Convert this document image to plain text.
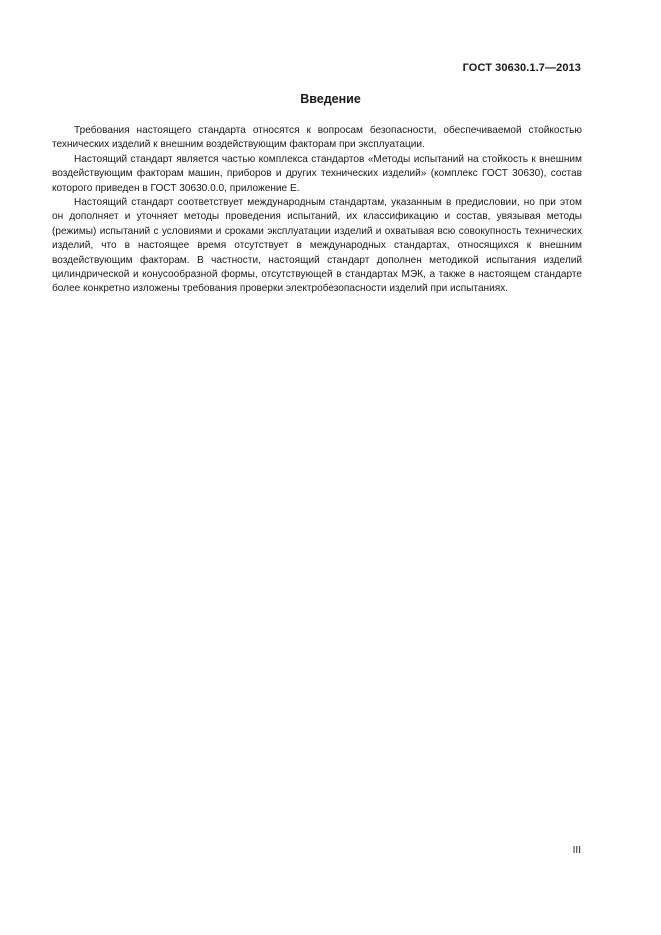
ГОСТ 30630.1.7—2013
Введение

Требования настоящего стандарта относятся к вопросам безопасности, обеспечиваемой стойкостью технических изделий к внешним воздействующим факторам при эксплуатации.

Настоящий стандарт является частью комплекса стандартов «Методы испытаний на стойкость к внешним воздействующим факторам машин, приборов и других технических изделий» (комплекс ГОСТ 30630), состав которого приведен в ГОСТ 30630.0.0, приложение Е.

Настоящий стандарт соответствует международным стандартам, указанным в предисловии, но при этом он дополняет и уточняет методы проведения испытаний, их классификацию и состав, увязывая методы (режимы) испытаний с условиями и сроками эксплуатации изделий и охватывая всю совокупность технических изделий, что в настоящее время отсутствует в международных стандартах, относящихся к внешним воздействующим факторам. В частности, настоящий стандарт дополнен методикой испытания изделий цилиндрической и конусообразной формы, отсутствующей в стандартах МЭК, а также в настоящем стандарте более конкретно изложены требования проверки электробезопасности изделий при испытаниях.

III
